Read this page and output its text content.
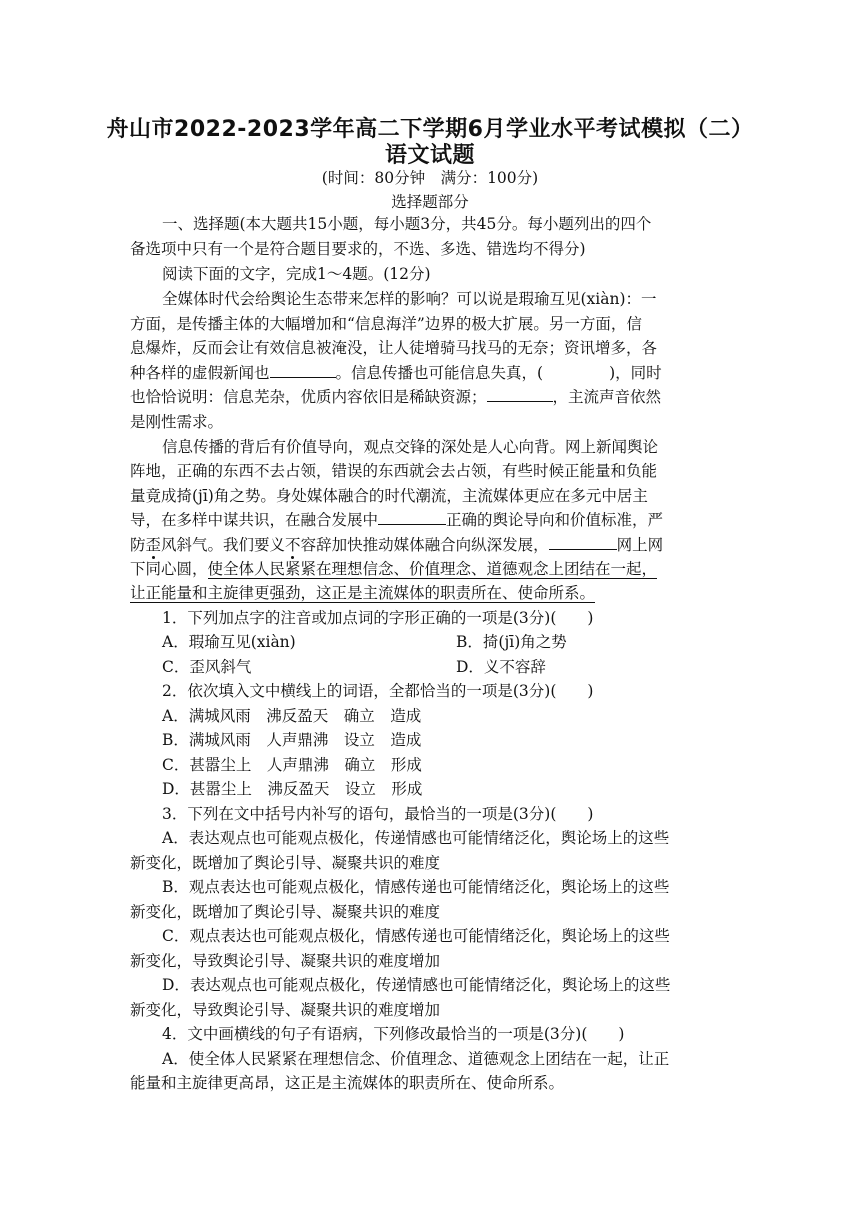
舟山市2022-2023学年高二下学期6月学业水平考试模拟（二）
语文试题
(时间：80分钟　满分：100分)
选择题部分
一、选择题(本大题共15小题，每小题3分，共45分。每小题列出的四个
备选项中只有一个是符合题目要求的，不选、多选、错选均不得分)
阅读下面的文字，完成1～4题。(12分)
全媒体时代会给舆论生态带来怎样的影响？可以说是瑕瑜互见(xiàn)：一
方面，是传播主体的大幅增加和“信息海洋”边界的极大扩展。另一方面，信
息爆炸，反而会让有效信息被淹没，让人徒增骑马找马的无奈；资讯增多，各
种各样的虚假新闻也	。信息传播也可能信息失真，(	)，同时
也恰恰说明：信息芜杂，优质内容依旧是稀缺资源；	，主流声音依然
是刚性需求。
信息传播的背后有价值导向，观点交锋的深处是人心向背。网上新闻舆论
阵地，正确的东西不去占领，错误的东西就会去占领，有些时候正能量和负能
量竟成掎(jī)角之势。身处媒体融合的时代潮流，主流媒体更应在多元中居主
导，在多样中谋共识，在融合发展中	正确的舆论导向和价值标准，严
防歪风斜气。我们要义不容辞加快推动媒体融合向纵深发展，	网上网
下同心圆，使全体人民紧紧在理想信念、价值理念、道德观念上团结在一起，
让正能量和主旋律更强劲，这正是主流媒体的职责所在、使命所系。
1．下列加点字的注音或加点词的字形正确的一项是(3分)(　　)
A．瑕瑜互见(xiàn)	B．掎(jī)角之势
C．歪风斜气	D．义不容辞
2．依次填入文中横线上的词语，全都恰当的一项是(3分)(　　)
A．满城风雨　沸反盈天　确立　造成
B．满城风雨　人声鼎沸　设立　造成
C．甚嚣尘上　人声鼎沸　确立　形成
D．甚嚣尘上　沸反盈天　设立　形成
3．下列在文中括号内补写的语句，最恰当的一项是(3分)(　　)
A．表达观点也可能观点极化，传递情感也可能情绪泛化，舆论场上的这些
新变化，既增加了舆论引导、凝聚共识的难度
B．观点表达也可能观点极化，情感传递也可能情绪泛化，舆论场上的这些
新变化，既增加了舆论引导、凝聚共识的难度
C．观点表达也可能观点极化，情感传递也可能情绪泛化，舆论场上的这些
新变化，导致舆论引导、凝聚共识的难度增加
D．表达观点也可能观点极化，传递情感也可能情绪泛化，舆论场上的这些
新变化，导致舆论引导、凝聚共识的难度增加
4．文中画横线的句子有语病，下列修改最恰当的一项是(3分)(　　)
A．使全体人民紧紧在理想信念、价值理念、道德观念上团结在一起，让正
能量和主旋律更高昂，这正是主流媒体的职责所在、使命所系。
